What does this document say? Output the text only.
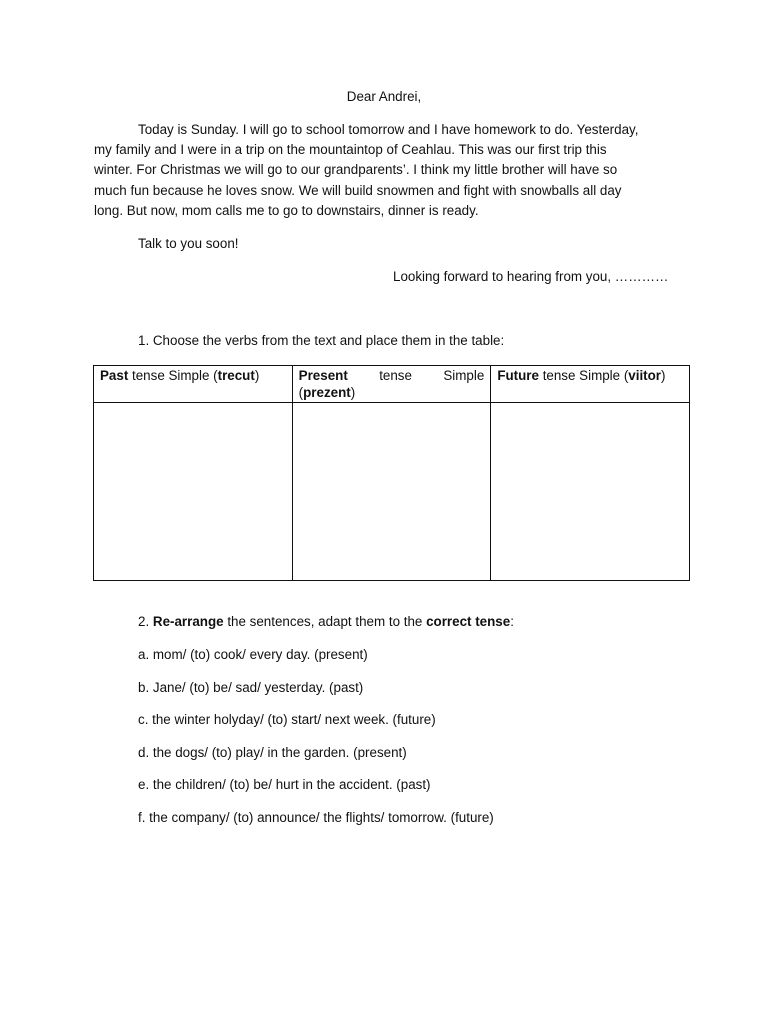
Dear Andrei,
Today is Sunday. I will go to school tomorrow and I have homework to do. Yesterday,
my family and I were in a trip on the mountaintop of Ceahlau. This was our first trip this
winter. For Christmas we will go to our grandparents’. I think my little brother will have so
much fun because he loves snow. We will build snowmen and fight with snowballs all day
long. But now, mom calls me to go to downstairs, dinner is ready.
Talk to you soon!
Looking forward to hearing from you, …………
1. Choose the verbs from the text and place them in the table:
Past tense Simple (trecut)	Present tense Simple
(prezent)	Future tense Simple (viitor)

2. Re-arrange the sentences, adapt them to the correct tense:
a. mom/ (to) cook/ every day. (present)
b. Jane/ (to) be/ sad/ yesterday. (past)
c. the winter holyday/ (to) start/ next week. (future)
d. the dogs/ (to) play/ in the garden. (present)
e. the children/ (to) be/ hurt in the accident. (past)
f. the company/ (to) announce/ the flights/ tomorrow. (future)
